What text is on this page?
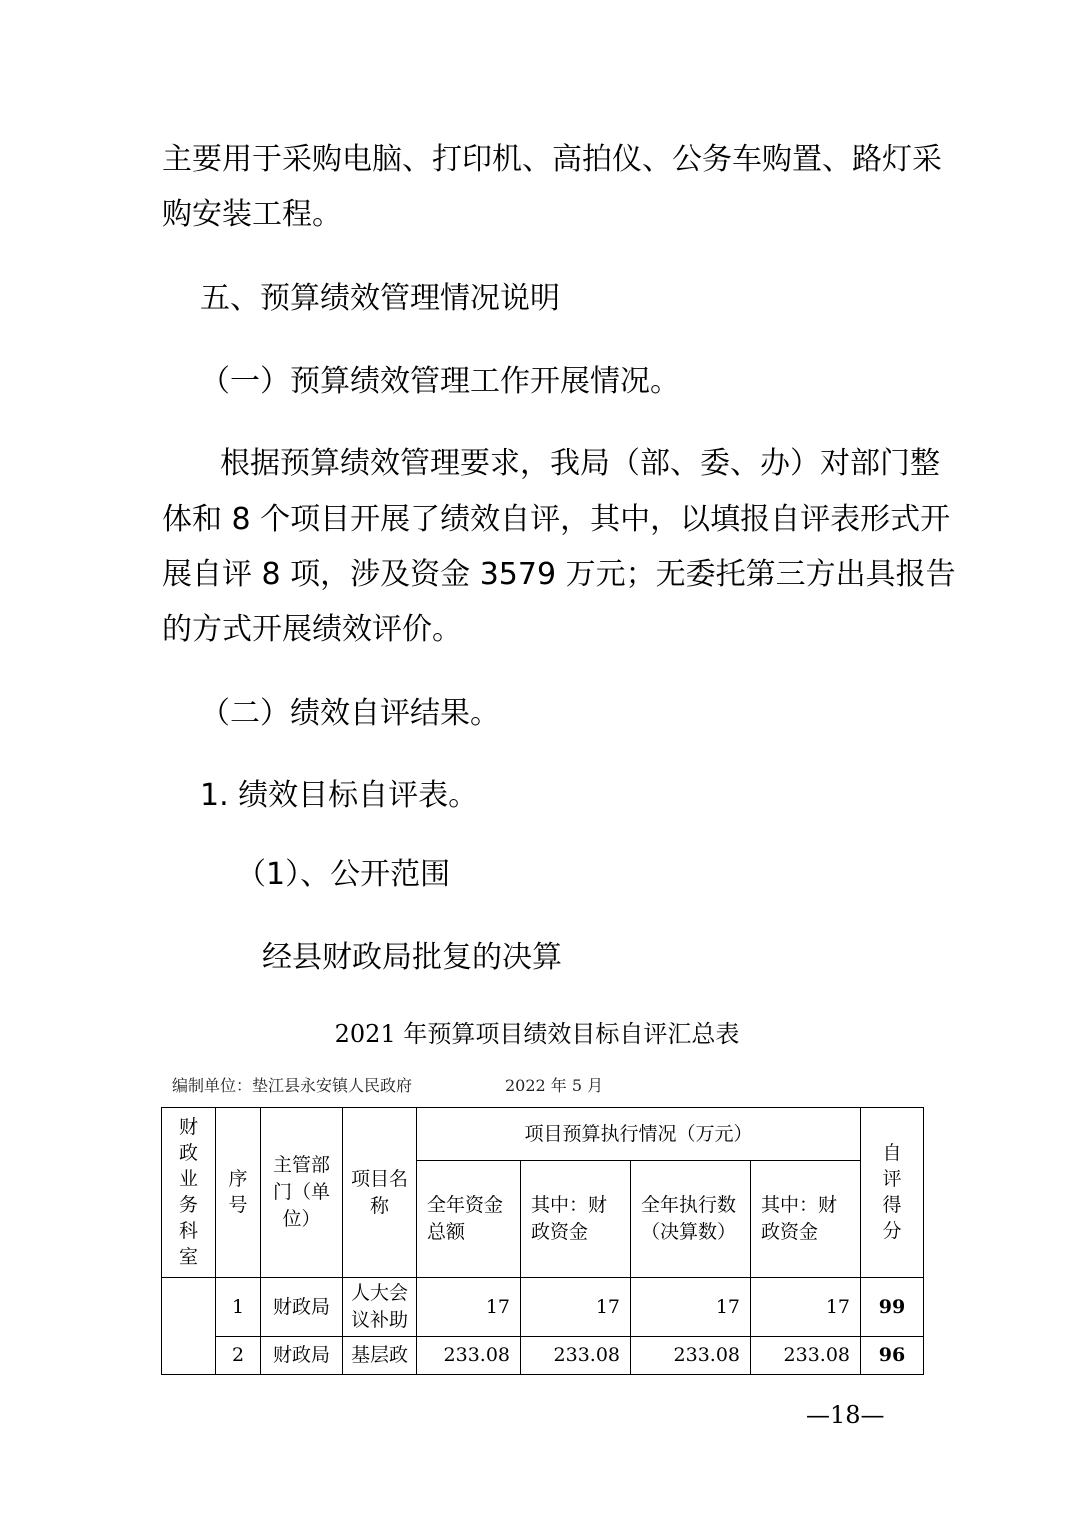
主要用于采购电脑、打印机、高拍仪、公务车购置、路灯采

购安装工程。

五、预算绩效管理情况说明

（一）预算绩效管理工作开展情况。

根据预算绩效管理要求，我局（部、委、办）对部门整

体和 8 个项目开展了绩效自评，其中，以填报自评表形式开

展自评 8 项，涉及资金 3579 万元；无委托第三方出具报告

的方式开展绩效评价。

（二）绩效自评结果。

1. 绩效目标自评表。

（1）、公开范围

经县财政局批复的决算

2021 年预算项目绩效目标自评汇总表
编制单位：垫江县永安镇人民政府	2022 年 5 月
财政业务科室	序号	主管部门（单位）	项目名称	项目预算执行情况（万元）				自评得分
				全年资金总额	其中：财政资金	全年执行数（决算数）	其中：财政资金	
	1	财政局	人大会议补助	17	17	17	17	99
	2	财政局	基层政	233.08	233.08	233.08	233.08	96
—18—
